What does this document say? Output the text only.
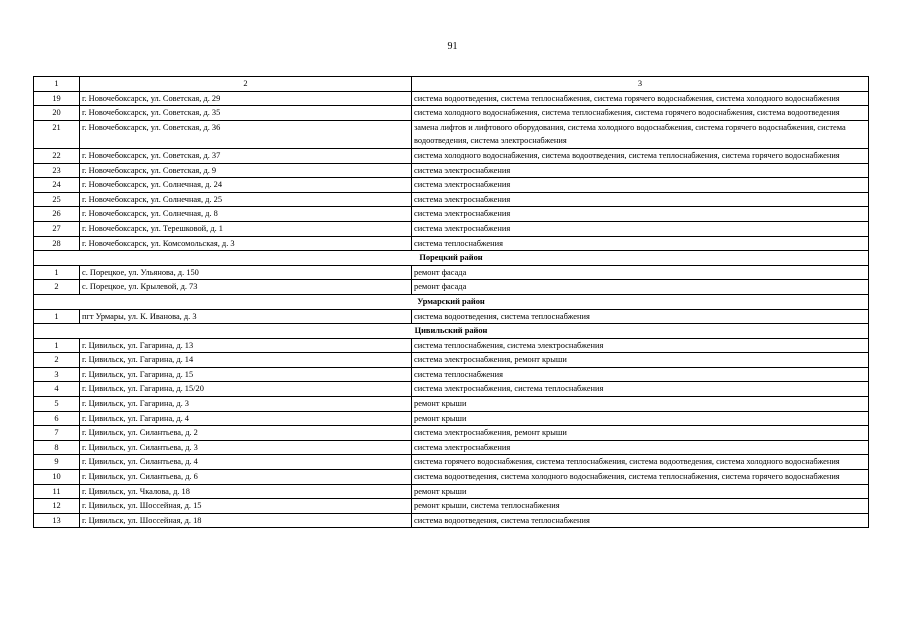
91
1	2	3
19	г. Новочебоксарск, ул. Советская, д. 29	система водоотведения, система теплоснабжения, система горячего водоснабжения, система холодного водоснабжения
20	г. Новочебоксарск, ул. Советская, д. 35	система холодного водоснабжения, система теплоснабжения, система горячего водоснабжения, система водоотведения
21	г. Новочебоксарск, ул. Советская, д. 36	замена лифтов и лифтового оборудования, система холодного водоснабжения, система горячего водоснабжения, система водоотведения, система электроснабжения
22	г. Новочебоксарск, ул. Советская, д. 37	система холодного водоснабжения, система водоотведения, система теплоснабжения, система горячего водоснабжения
23	г. Новочебоксарск, ул. Советская, д. 9	система электроснабжения
24	г. Новочебоксарск, ул. Солнечная, д. 24	система электроснабжения
25	г. Новочебоксарск, ул. Солнечная, д. 25	система электроснабжения
26	г. Новочебоксарск, ул. Солнечная, д. 8	система электроснабжения
27	г. Новочебоксарск, ул. Терешковой, д. 1	система электроснабжения
28	г. Новочебоксарск, ул. Комсомольская, д. 3	система теплоснабжения
Порецкий район		
1	с. Порецкое, ул. Ульянова, д. 150	ремонт фасада
2	с. Порецкое, ул. Крылевой, д. 73	ремонт фасада
Урмарский район		
1	пгт Урмары, ул. К. Иванова, д. 3	система водоотведения, система теплоснабжения
Цивильский район		
1	г. Цивильск, ул. Гагарина, д. 13	система теплоснабжения, система электроснабжения
2	г. Цивильск, ул. Гагарина, д. 14	система электроснабжения, ремонт крыши
3	г. Цивильск, ул. Гагарина, д. 15	система теплоснабжения
4	г. Цивильск, ул. Гагарина, д. 15/20	система электроснабжения, система теплоснабжения
5	г. Цивильск, ул. Гагарина, д. 3	ремонт крыши
6	г. Цивильск, ул. Гагарина, д. 4	ремонт крыши
7	г. Цивильск, ул. Силантьева, д. 2	система электроснабжения, ремонт крыши
8	г. Цивильск, ул. Силантьева, д. 3	система электроснабжения
9	г. Цивильск, ул. Силантьева, д. 4	система горячего водоснабжения, система теплоснабжения, система водоотведения, система холодного водоснабжения
10	г. Цивильск, ул. Силантьева, д. 6	система водоотведения, система холодного водоснабжения, система теплоснабжения, система горячего водоснабжения
11	г. Цивильск, ул. Чкалова, д. 18	ремонт крыши
12	г. Цивильск, ул. Шоссейная, д. 15	ремонт крыши, система теплоснабжения
13	г. Цивильск, ул. Шоссейная, д. 18	система водоотведения, система теплоснабжения
